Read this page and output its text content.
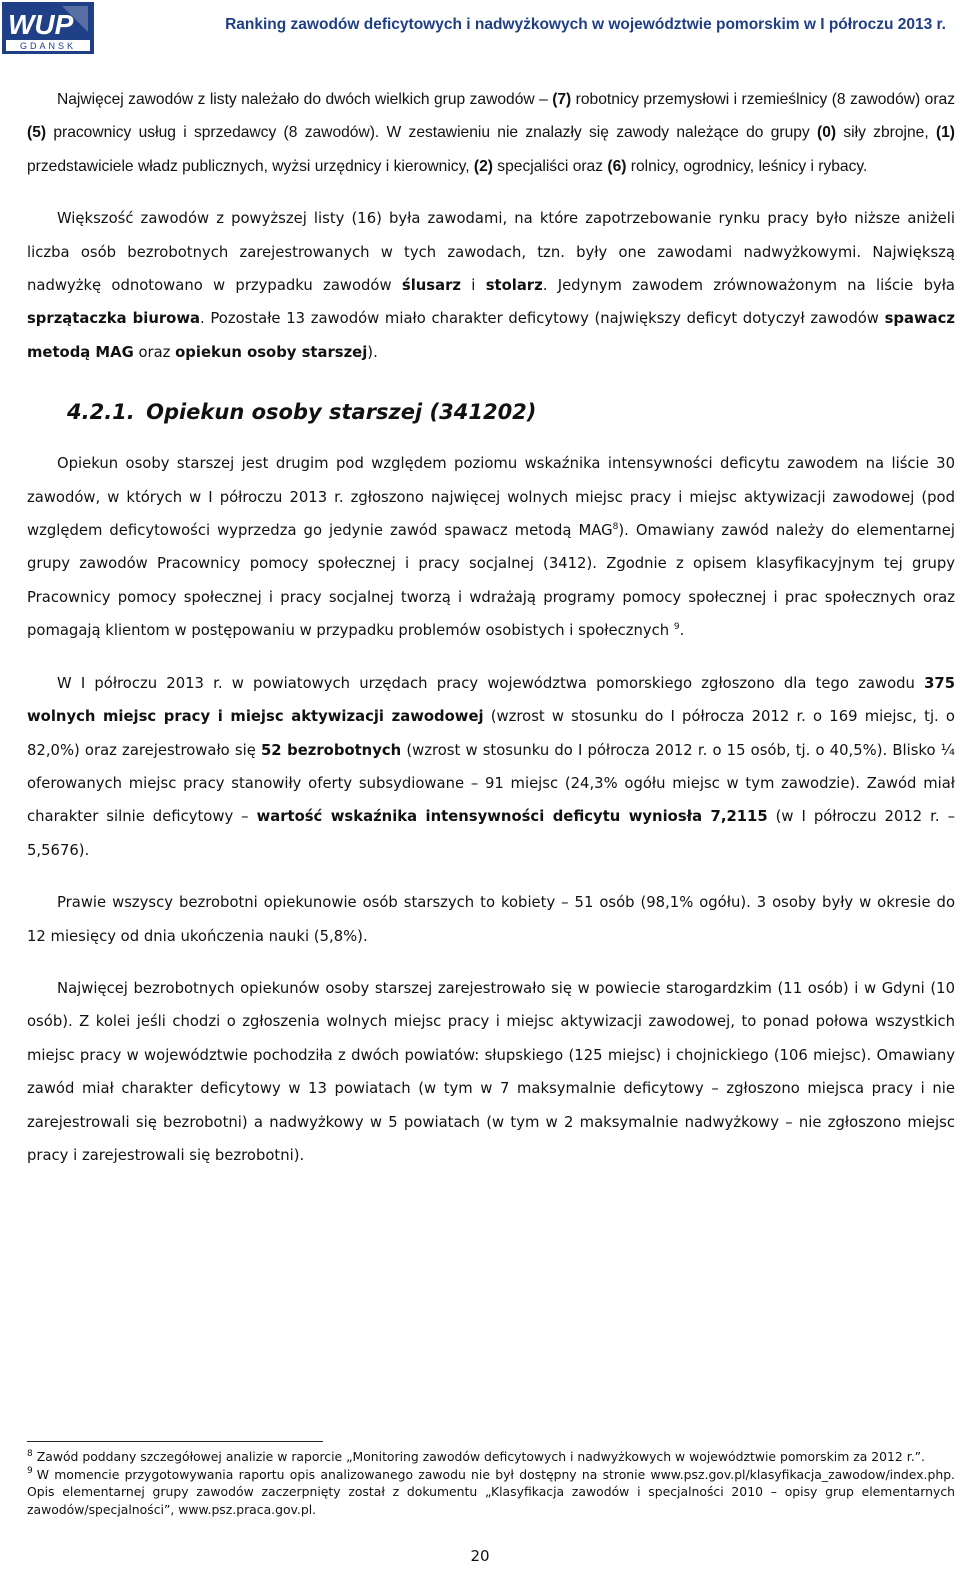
WUP
GDANSK
Ranking zawodów deficytowych i nadwyżkowych w województwie pomorskim w I półroczu 2013 r.

Najwięcej zawodów z listy należało do dwóch wielkich grup zawodów – (7) robotnicy przemysłowi i rzemieślnicy (8 zawodów) oraz (5) pracownicy usług i sprzedawcy (8 zawodów). W zestawieniu nie znalazły się zawody należące do grupy (0) siły zbrojne, (1) przedstawiciele władz publicznych, wyżsi urzędnicy i kierownicy, (2) specjaliści oraz (6) rolnicy, ogrodnicy, leśnicy i rybacy.

Większość zawodów z powyższej listy (16) była zawodami, na które zapotrzebowanie rynku pracy było niższe aniżeli liczba osób bezrobotnych zarejestrowanych w tych zawodach, tzn. były one zawodami nadwyżkowymi. Największą nadwyżkę odnotowano w przypadku zawodów ślusarz i stolarz. Jedynym zawodem zrównoważonym na liście była sprzątaczka biurowa. Pozostałe 13 zawodów miało charakter deficytowy (największy deficyt dotyczył zawodów spawacz metodą MAG oraz opiekun osoby starszej).

4.2.1. Opiekun osoby starszej (341202)

Opiekun osoby starszej jest drugim pod względem poziomu wskaźnika intensywności deficytu zawodem na liście 30 zawodów, w których w I półroczu 2013 r. zgłoszono najwięcej wolnych miejsc pracy i miejsc aktywizacji zawodowej (pod względem deficytowości wyprzedza go jedynie zawód spawacz metodą MAG$^8$). Omawiany zawód należy do elementarnej grupy zawodów Pracownicy pomocy społecznej i pracy socjalnej (3412). Zgodnie z opisem klasyfikacyjnym tej grupy Pracownicy pomocy społecznej i pracy socjalnej tworzą i wdrażają programy pomocy społecznej i prac społecznych oraz pomagają klientom w postępowaniu w przypadku problemów osobistych i społecznych $^9$.

W I półroczu 2013 r. w powiatowych urzędach pracy województwa pomorskiego zgłoszono dla tego zawodu 375 wolnych miejsc pracy i miejsc aktywizacji zawodowej (wzrost w stosunku do I półrocza 2012 r. o 169 miejsc, tj. o 82,0%) oraz zarejestrowało się 52 bezrobotnych (wzrost w stosunku do I półrocza 2012 r. o 15 osób, tj. o 40,5%). Blisko ¼ oferowanych miejsc pracy stanowiły oferty subsydiowane – 91 miejsc (24,3% ogółu miejsc w tym zawodzie). Zawód miał charakter silnie deficytowy – wartość wskaźnika intensywności deficytu wyniosła 7,2115 (w I półroczu 2012 r. – 5,5676).

Prawie wszyscy bezrobotni opiekunowie osób starszych to kobiety – 51 osób (98,1% ogółu). 3 osoby były w okresie do 12 miesięcy od dnia ukończenia nauki (5,8%).

Najwięcej bezrobotnych opiekunów osoby starszej zarejestrowało się w powiecie starogardzkim (11 osób) i w Gdyni (10 osób). Z kolei jeśli chodzi o zgłoszenia wolnych miejsc pracy i miejsc aktywizacji zawodowej, to ponad połowa wszystkich miejsc pracy w województwie pochodziła z dwóch powiatów: słupskiego (125 miejsc) i chojnickiego (106 miejsc). Omawiany zawód miał charakter deficytowy w 13 powiatach (w tym w 7 maksymalnie deficytowy – zgłoszono miejsca pracy i nie zarejestrowali się bezrobotni) a nadwyżkowy w 5 powiatach (w tym w 2 maksymalnie nadwyżkowy – nie zgłoszono miejsc pracy i zarejestrowali się bezrobotni).

$^8$ Zawód poddany szczegółowej analizie w raporcie „Monitoring zawodów deficytowych i nadwyżkowych w województwie pomorskim za 2012 r.”.

$^9$ W momencie przygotowywania raportu opis analizowanego zawodu nie był dostępny na stronie www.psz.gov.pl/klasyfikacja_zawodow/index.php. Opis elementarnej grupy zawodów zaczerpnięty został z dokumentu „Klasyfikacja zawodów i specjalności 2010 – opisy grup elementarnych zawodów/specjalności”, www.psz.praca.gov.pl.

20
